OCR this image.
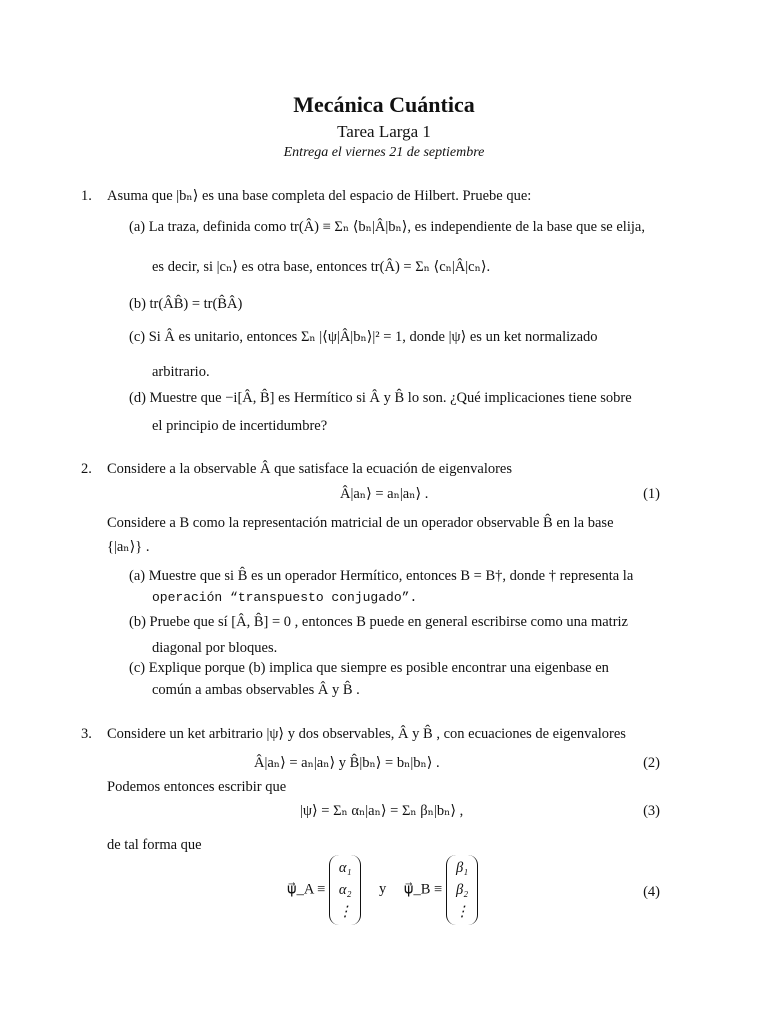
Mecánica Cuántica
Tarea Larga 1
Entrega el viernes 21 de septiembre
1. Asuma que |bₙ⟩ es una base completa del espacio de Hilbert. Pruebe que:
(a) La traza, definida como tr(Â) ≡ Σₙ ⟨bₙ|Â|bₙ⟩, es independiente de la base que se elija,
es decir, si |cₙ⟩ es otra base, entonces tr(Â) = Σₙ ⟨cₙ|Â|cₙ⟩.
(b) tr(ÂB̂) = tr(B̂Â)
(c) Si Â es unitario, entonces Σₙ |⟨ψ|Â|bₙ⟩|² = 1, donde |ψ⟩ es un ket normalizado
arbitrario.
(d) Muestre que −i[Â, B̂] es Hermítico si Â y B̂ lo son. ¿Qué implicaciones tiene sobre
el principio de incertidumbre?
2. Considere a la observable Â que satisface la ecuación de eigenvalores
Â|aₙ⟩ = aₙ|aₙ⟩ .	(1)
Considere a B como la representación matricial de un operador observable B̂ en la base
{|aₙ⟩} .
(a) Muestre que si B̂ es un operador Hermítico, entonces B = B†, donde † representa la
operación “transpuesto conjugado”.
(b) Pruebe que sí [Â, B̂] = 0 , entonces B puede en general escribirse como una matriz
diagonal por bloques.
(c) Explique porque (b) implica que siempre es posible encontrar una eigenbase en
común a ambas observables Â y B̂ .
3. Considere un ket arbitrario |ψ⟩ y dos observables, Â y B̂ , con ecuaciones de eigenvalores
Â|aₙ⟩ = aₙ|aₙ⟩ y B̂|bₙ⟩ = bₙ|bₙ⟩ .	(2)
Podemos entonces escribir que
|ψ⟩ = Σₙ αₙ|aₙ⟩ = Σₙ βₙ|bₙ⟩ ,	(3)
de tal forma que
ψ⃗_A ≡ α₁
α₂
⋮ y ψ⃗_B ≡ β₁
β₂
⋮
(4)
